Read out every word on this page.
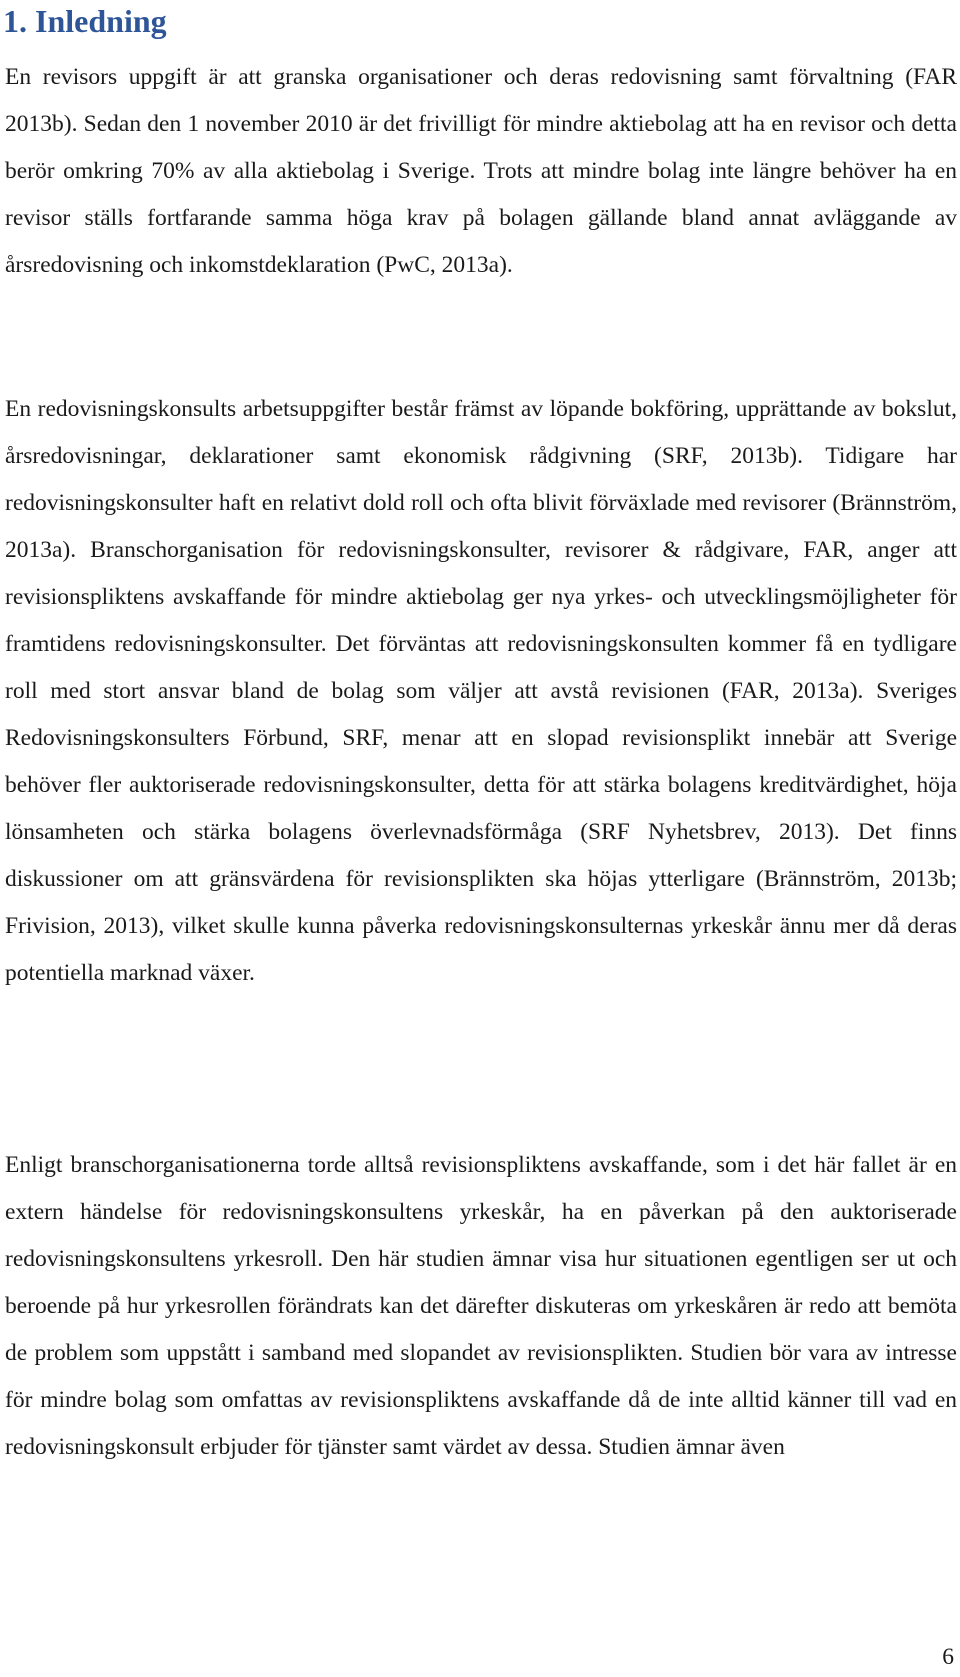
1. Inledning

En revisors uppgift är att granska organisationer och deras redovisning samt förvaltning (FAR 2013b). Sedan den 1 november 2010 är det frivilligt för mindre aktiebolag att ha en revisor och detta berör omkring 70% av alla aktiebolag i Sverige. Trots att mindre bolag inte längre behöver ha en revisor ställs fortfarande samma höga krav på bolagen gällande bland annat avläggande av årsredovisning och inkomstdeklaration (PwC, 2013a).

En redovisningskonsults arbetsuppgifter består främst av löpande bokföring, upprättande av bokslut, årsredovisningar, deklarationer samt ekonomisk rådgivning (SRF, 2013b). Tidigare har redovisningskonsulter haft en relativt dold roll och ofta blivit förväxlade med revisorer (Brännström, 2013a). Branschorganisation för redovisningskonsulter, revisorer & rådgivare, FAR, anger att revisionspliktens avskaffande för mindre aktiebolag ger nya yrkes- och utvecklingsmöjligheter för framtidens redovisningskonsulter. Det förväntas att redovisningskonsulten kommer få en tydligare roll med stort ansvar bland de bolag som väljer att avstå revisionen (FAR, 2013a). Sveriges Redovisningskonsulters Förbund, SRF, menar att en slopad revisionsplikt innebär att Sverige behöver fler auktoriserade redovisningskonsulter, detta för att stärka bolagens kreditvärdighet, höja lönsamheten och stärka bolagens överlevnadsförmåga (SRF Nyhetsbrev, 2013). Det finns diskussioner om att gränsvärdena för revisionsplikten ska höjas ytterligare (Brännström, 2013b; Frivision, 2013), vilket skulle kunna påverka redovisningskonsulternas yrkeskår ännu mer då deras potentiella marknad växer.

Enligt branschorganisationerna torde alltså revisionspliktens avskaffande, som i det här fallet är en extern händelse för redovisningskonsultens yrkeskår, ha en påverkan på den auktoriserade redovisningskonsultens yrkesroll. Den här studien ämnar visa hur situationen egentligen ser ut och beroende på hur yrkesrollen förändrats kan det därefter diskuteras om yrkeskåren är redo att bemöta de problem som uppstått i samband med slopandet av revisionsplikten. Studien bör vara av intresse för mindre bolag som omfattas av revisionspliktens avskaffande då de inte alltid känner till vad en redovisningskonsult erbjuder för tjänster samt värdet av dessa. Studien ämnar även

6
